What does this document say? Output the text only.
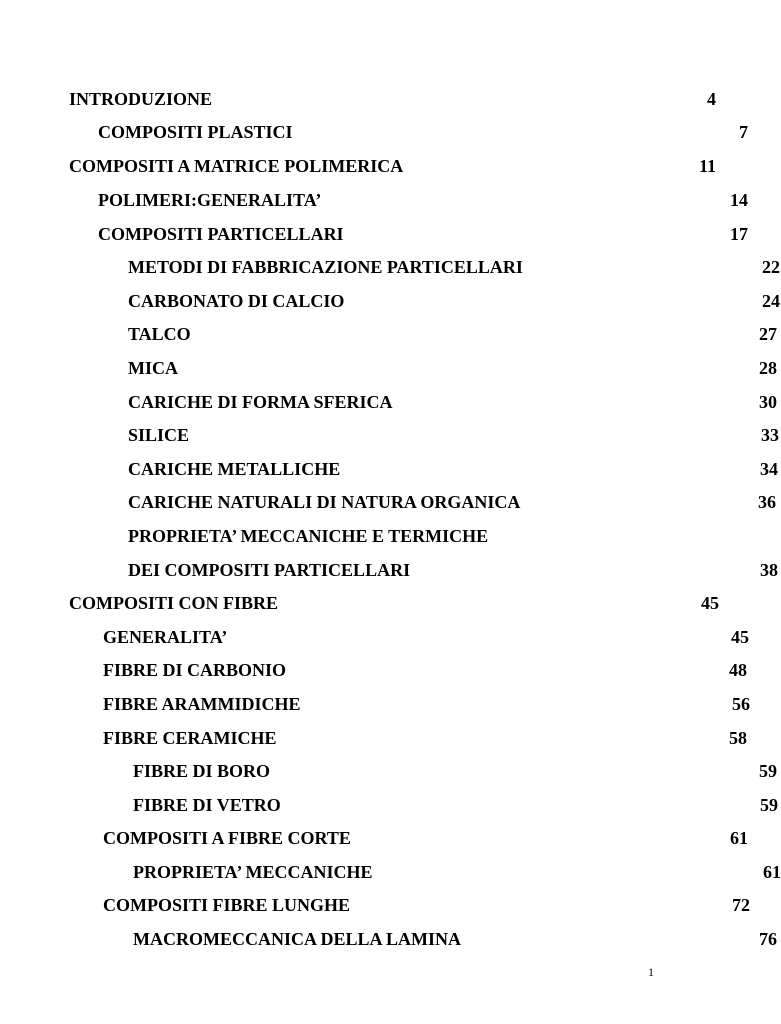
INTRODUZIONE	4
COMPOSITI PLASTICI	7
COMPOSITI A MATRICE POLIMERICA	11
POLIMERI:GENERALITA’	14
COMPOSITI PARTICELLARI	17
METODI DI FABBRICAZIONE PARTICELLARI	22
CARBONATO DI CALCIO	24
TALCO	27
MICA	28
CARICHE DI FORMA SFERICA	30
SILICE	33
CARICHE METALLICHE	34
CARICHE NATURALI DI NATURA ORGANICA	36
PROPRIETA’ MECCANICHE E TERMICHE
DEI COMPOSITI PARTICELLARI	38
COMPOSITI CON FIBRE	45
GENERALITA’	45
FIBRE DI CARBONIO	48
FIBRE ARAMMIDICHE	56
FIBRE CERAMICHE	58
FIBRE DI BORO	59
FIBRE DI VETRO	59
COMPOSITI A FIBRE CORTE	61
PROPRIETA’ MECCANICHE	61
COMPOSITI FIBRE LUNGHE	72
MACROMECCANICA DELLA LAMINA	76
1
